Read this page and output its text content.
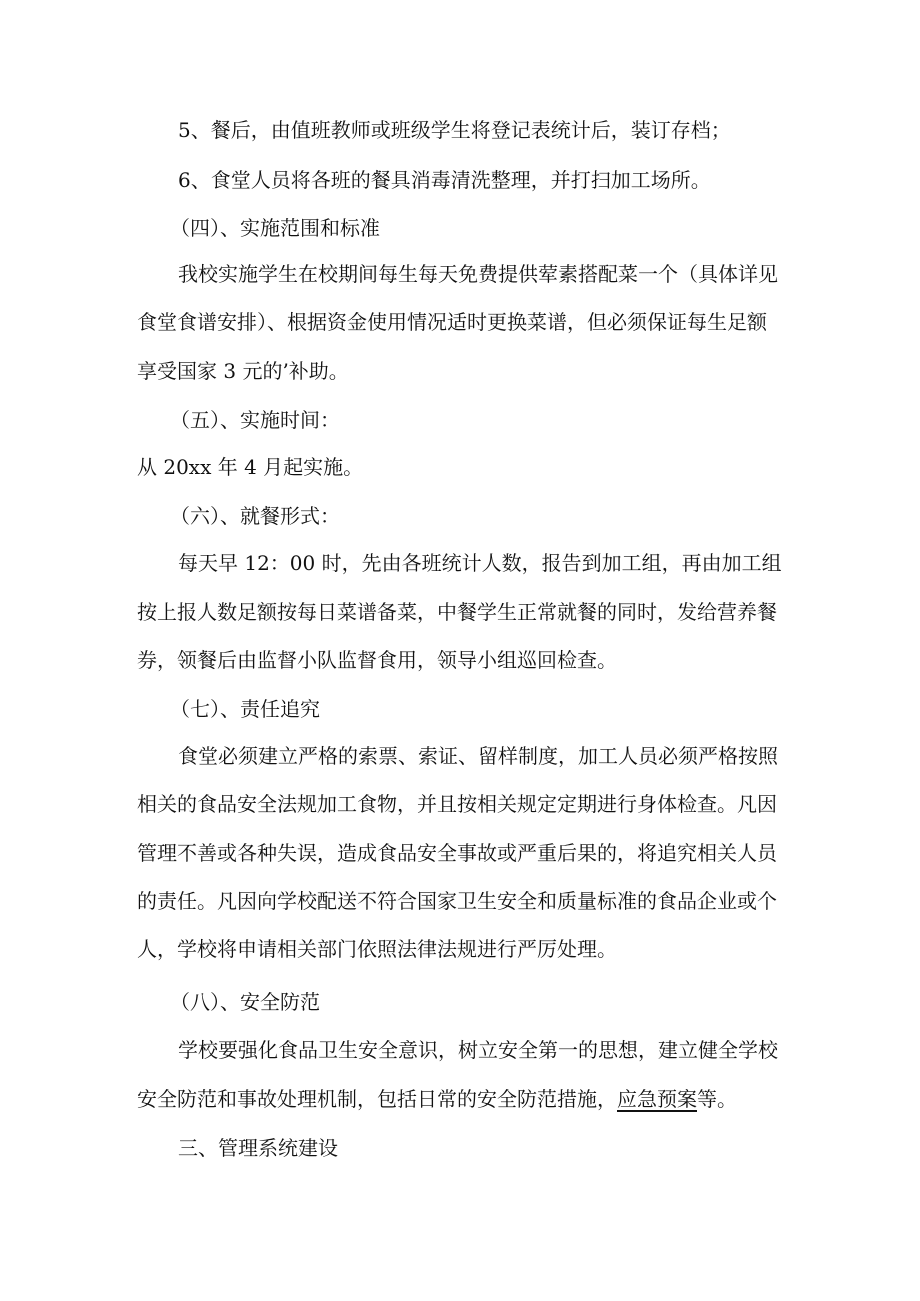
5、餐后，由值班教师或班级学生将登记表统计后，装订存档；
6、食堂人员将各班的餐具消毒清洗整理，并打扫加工场所。
（四）、实施范围和标准
我校实施学生在校期间每生每天免费提供荤素搭配菜一个（具体详见
食堂食谱安排）、根据资金使用情况适时更换菜谱，但必须保证每生足额
享受国家 3 元的’补助。
（五）、实施时间：
从 20xx 年 4 月起实施。
（六）、就餐形式：
每天早 12：00 时，先由各班统计人数，报告到加工组，再由加工组
按上报人数足额按每日菜谱备菜，中餐学生正常就餐的同时，发给营养餐
券，领餐后由监督小队监督食用，领导小组巡回检查。
（七）、责任追究
食堂必须建立严格的索票、索证、留样制度，加工人员必须严格按照
相关的食品安全法规加工食物，并且按相关规定定期进行身体检查。凡因
管理不善或各种失误，造成食品安全事故或严重后果的，将追究相关人员
的责任。凡因向学校配送不符合国家卫生安全和质量标准的食品企业或个
人，学校将申请相关部门依照法律法规进行严厉处理。
（八）、安全防范
学校要强化食品卫生安全意识，树立安全第一的思想，建立健全学校
安全防范和事故处理机制，包括日常的安全防范措施，应急预案等。
三、管理系统建设
